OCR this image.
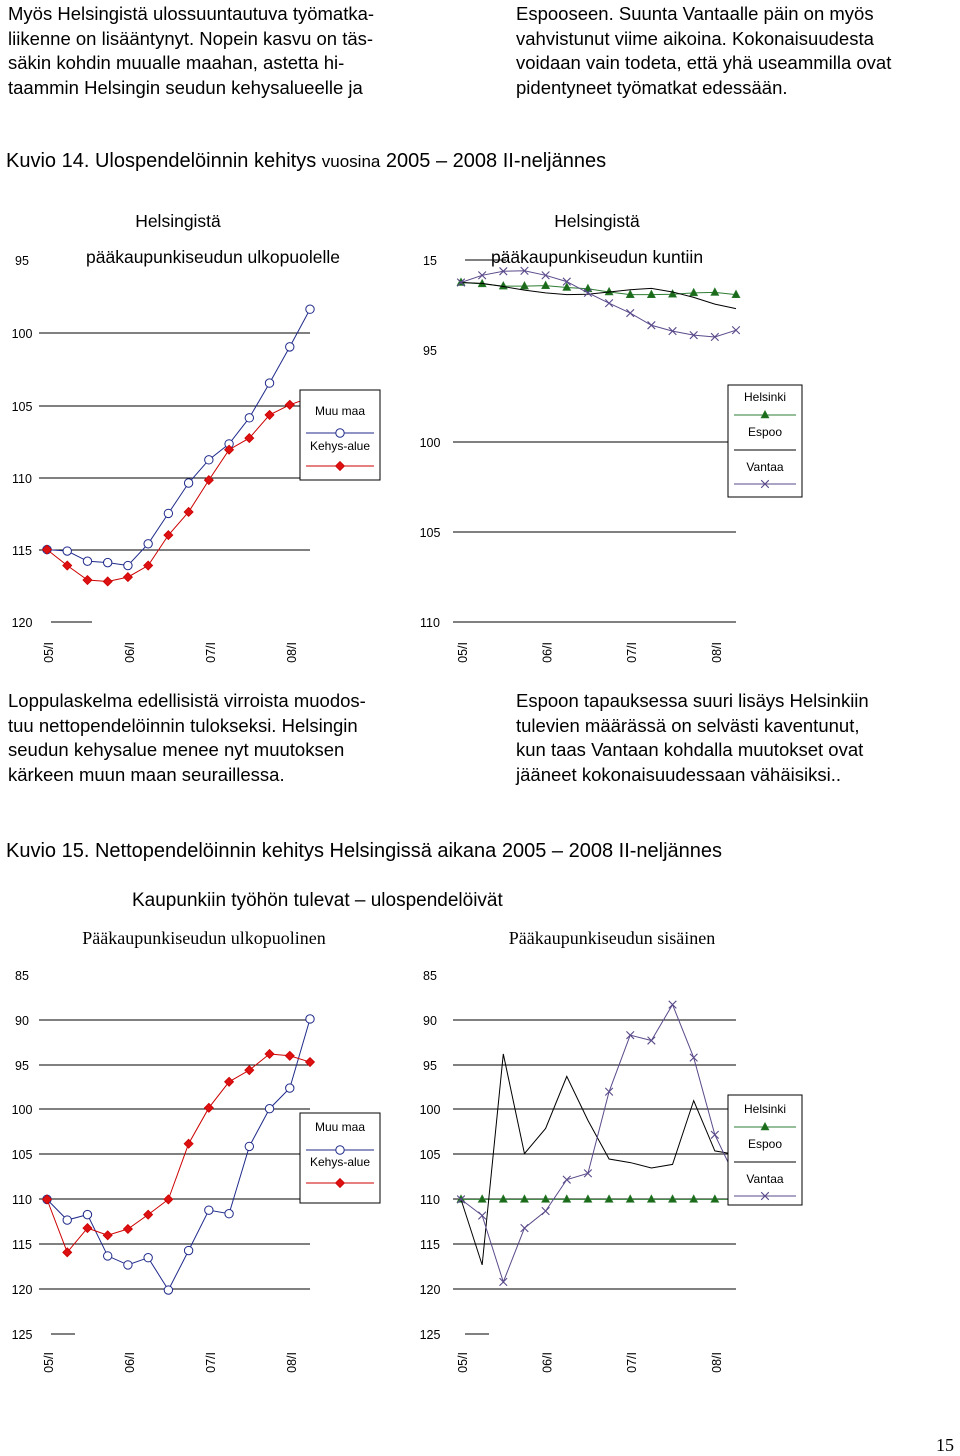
Myös Helsingistä ulossuuntautuva työmatka-
liikenne on lisääntynyt. Nopein kasvu on täs-
säkin kohdin muualle maahan, astetta hi-
taammin Helsingin seudun kehysalueelle ja
Espooseen. Suunta Vantaalle päin on myös
vahvistunut viime aikoina. Kokonaisuudesta
voidaan vain todeta, että yhä useammilla ovat
pidentyneet työmatkat edessään.
Kuvio 14. Ulospendelöinnin kehitys vuosina 2005 – 2008 II-neljännes
Helsingistä
pääkaupunkiseudun ulkopuolelle
120
115
110
105
100
95
05/I	06/I	07/I	08/I
Muu maa
Kehys-alue
Helsingistä
pääkaupunkiseudun kuntiin
15
110
105
100
95
05/I	06/I	07/I	08/I
Helsinki
Espoo
Vantaa
Loppulaskelma edellisistä virroista muodos-
tuu nettopendelöinnin tulokseksi. Helsingin
seudun kehysalue menee nyt muutoksen
kärkeen muun maan seuraillessa.
Espoon tapauksessa suuri lisäys Helsinkiin
tulevien määrässä on selvästi kaventunut,
kun taas Vantaan kohdalla muutokset ovat
jääneet kokonaisuudessaan vähäisiksi..
Kuvio 15. Nettopendelöinnin kehitys Helsingissä aikana 2005 – 2008 II-neljännes
Kaupunkiin työhön tulevat – ulospendelöivät
Pääkaupunkiseudun ulkopuolinen
125
120
115
110
105
100
95
90
85
05/I	06/I	07/I	08/I
Muu maa
Kehys-alue
Pääkaupunkiseudun sisäinen
125
120
115
110
105
100
95
90
85
05/I	06/I	07/I	08/I
Helsinki
Espoo
Vantaa
15
